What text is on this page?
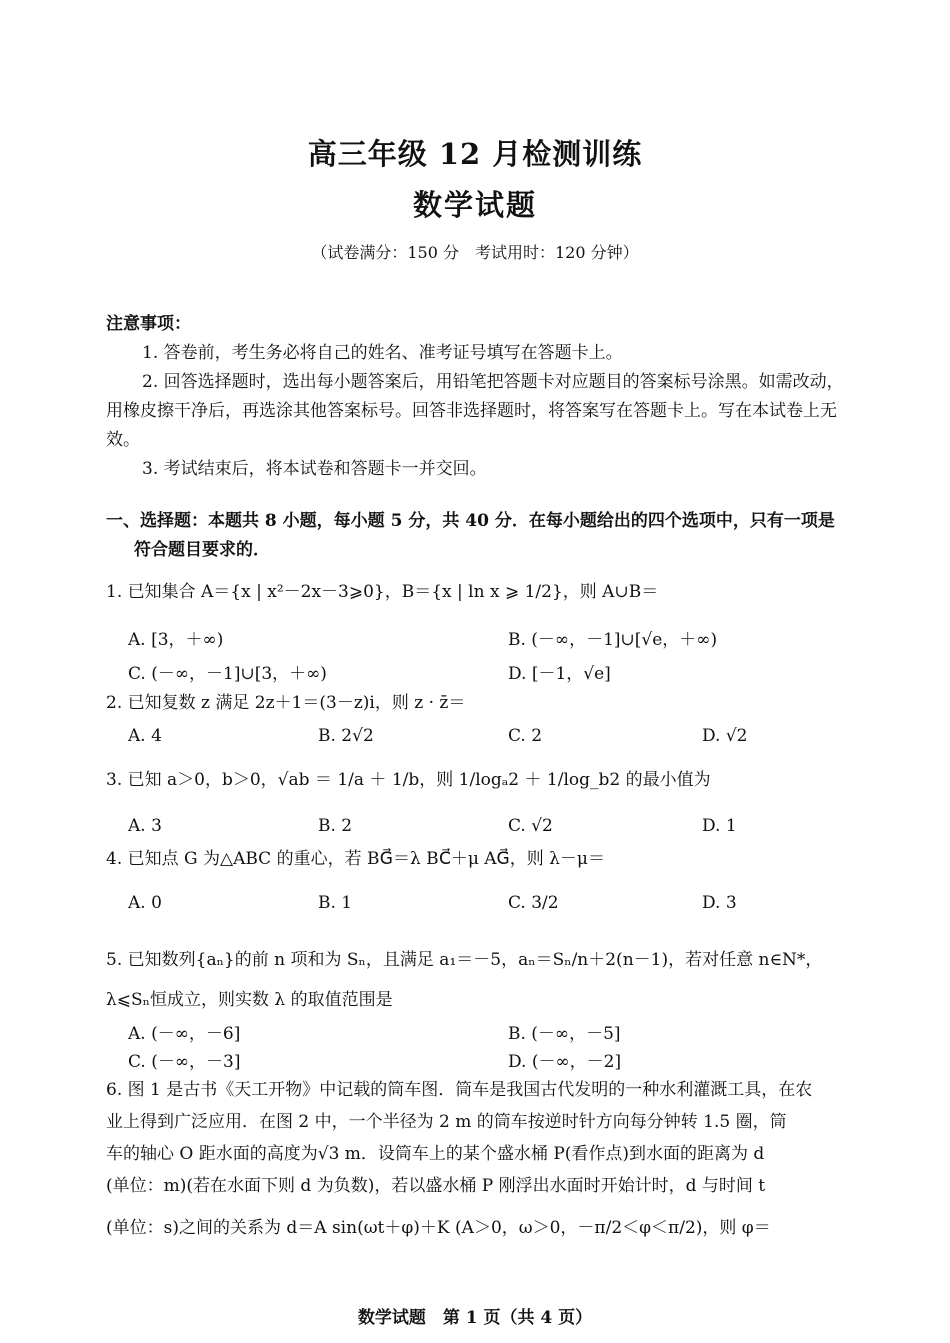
高三年级 12 月检测训练
数学试题
（试卷满分：150 分　考试用时：120 分钟）

注意事项：

1. 答卷前，考生务必将自己的姓名、准考证号填写在答题卡上。

2. 回答选择题时，选出每小题答案后，用铅笔把答题卡对应题目的答案标号涂黑。如需改动，用橡皮擦干净后，再选涂其他答案标号。回答非选择题时，将答案写在答题卡上。写在本试卷上无效。

3. 考试结束后，将本试卷和答题卡一并交回。

一、选择题：本题共 8 小题，每小题 5 分，共 40 分．在每小题给出的四个选项中，只有一项是
符合题目要求的．
1. 已知集合 A＝{x | x²－2x－3⩾0}，B＝{x | ln x ⩾ 1/2}，则 A∪B＝
A. [3，＋∞)	B. (－∞，－1]∪[√e，＋∞)
C. (－∞，－1]∪[3，＋∞)	D. [－1，√e]
2. 已知复数 z 满足 2z＋1＝(3－z)i，则 z · z̄＝
A. 4	B. 2√2	C. 2	D. √2
3. 已知 a＞0，b＞0，√ab ＝ 1/a ＋ 1/b，则 1/logₐ2 ＋ 1/log_b2 的最小值为
A. 3	B. 2	C. √2	D. 1
4. 已知点 G 为△ABC 的重心，若 BG⃗＝λ BC⃗＋μ AG⃗，则 λ－μ＝
A. 0	B. 1	C. 3/2	D. 3
5. 已知数列{aₙ}的前 n 项和为 Sₙ，且满足 a₁＝－5，aₙ＝Sₙ/n＋2(n－1)，若对任意 n∈N*，
λ⩽Sₙ恒成立，则实数 λ 的取值范围是
A. (－∞，－6]	B. (－∞，－5]
C. (－∞，－3]	D. (－∞，－2]

6. 图 1 是古书《天工开物》中记载的筒车图．筒车是我国古代发明的一种水利灌溉工具，在农

业上得到广泛应用．在图 2 中，一个半径为 2 m 的筒车按逆时针方向每分钟转 1.5 圈，筒

车的轴心 O 距水面的高度为√3 m．设筒车上的某个盛水桶 P(看作点)到水面的距离为 d

(单位：m)(若在水面下则 d 为负数)，若以盛水桶 P 刚浮出水面时开始计时，d 与时间 t

(单位：s)之间的关系为 d＝A sin(ωt＋φ)＋K (A＞0，ω＞0，－π/2＜φ＜π/2)，则 φ＝

数学试题　第 1 页（共 4 页）
